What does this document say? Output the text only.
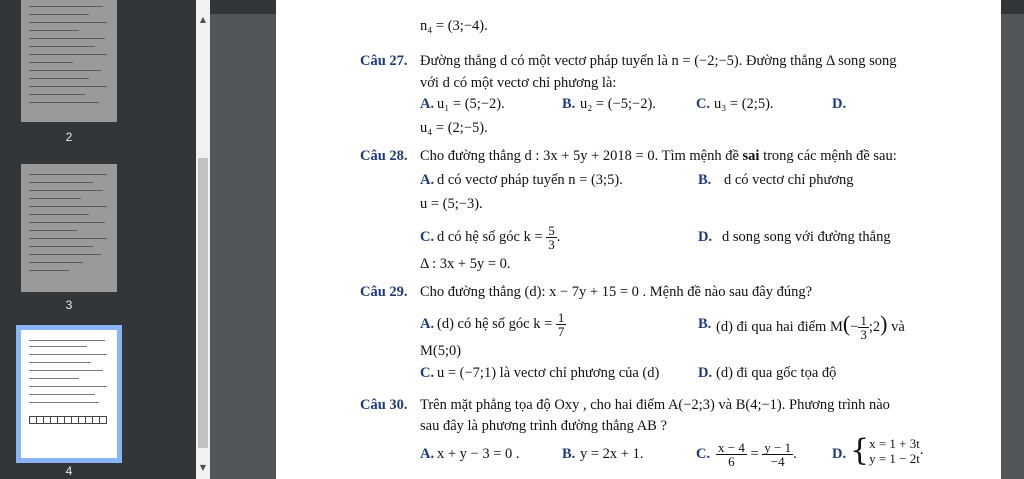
2
3
4
▲
▼
n₄ = (3;−4).
Câu 27. Đường thẳng d có một vectơ pháp tuyến là n = (−2;−5). Đường thẳng Δ song song
với d có một vectơ chỉ phương là:
A. u₁ = (5;−2).	B. u₂ = (−5;−2).	C. u₃ = (2;5).	D.
u₄ = (2;−5).
Câu 28. Cho đường thẳng d : 3x + 5y + 2018 = 0. Tìm mệnh đề sai trong các mệnh đề sau:
A. d có vectơ pháp tuyến n = (3;5).	B. d có vectơ chỉ phương
u = (5;−3).
C. d có hệ số góc $k = \frac{5}{3}$ .	D. d song song với đường thẳng
Δ : 3x + 5y = 0.
Câu 29. Cho đường thẳng (d): x − 7y + 15 = 0 . Mệnh đề nào sau đây đúng?
A. (d) có hệ số góc $k = \frac{1}{7}$	B. (d) đi qua hai điểm $M(- \frac{1}{3}$ ;2) và
M(5;0)
C. u = (−7;1) là vectơ chỉ phương của (d)	D. (d) đi qua gốc tọa độ
Câu 30. Trên mặt phẳng tọa độ Oxy , cho hai điểm A(−2;3) và B(4;−1). Phương trình nào
sau đây là phương trình đường thẳng AB ?
A. x + y − 3 = 0 .	B. y = 2x + 1.	C. $\frac{x - 4}{6} = \frac{y - 1}{-4}$ . D. { x = 1 + 3t
y = 1 − 2t
.
